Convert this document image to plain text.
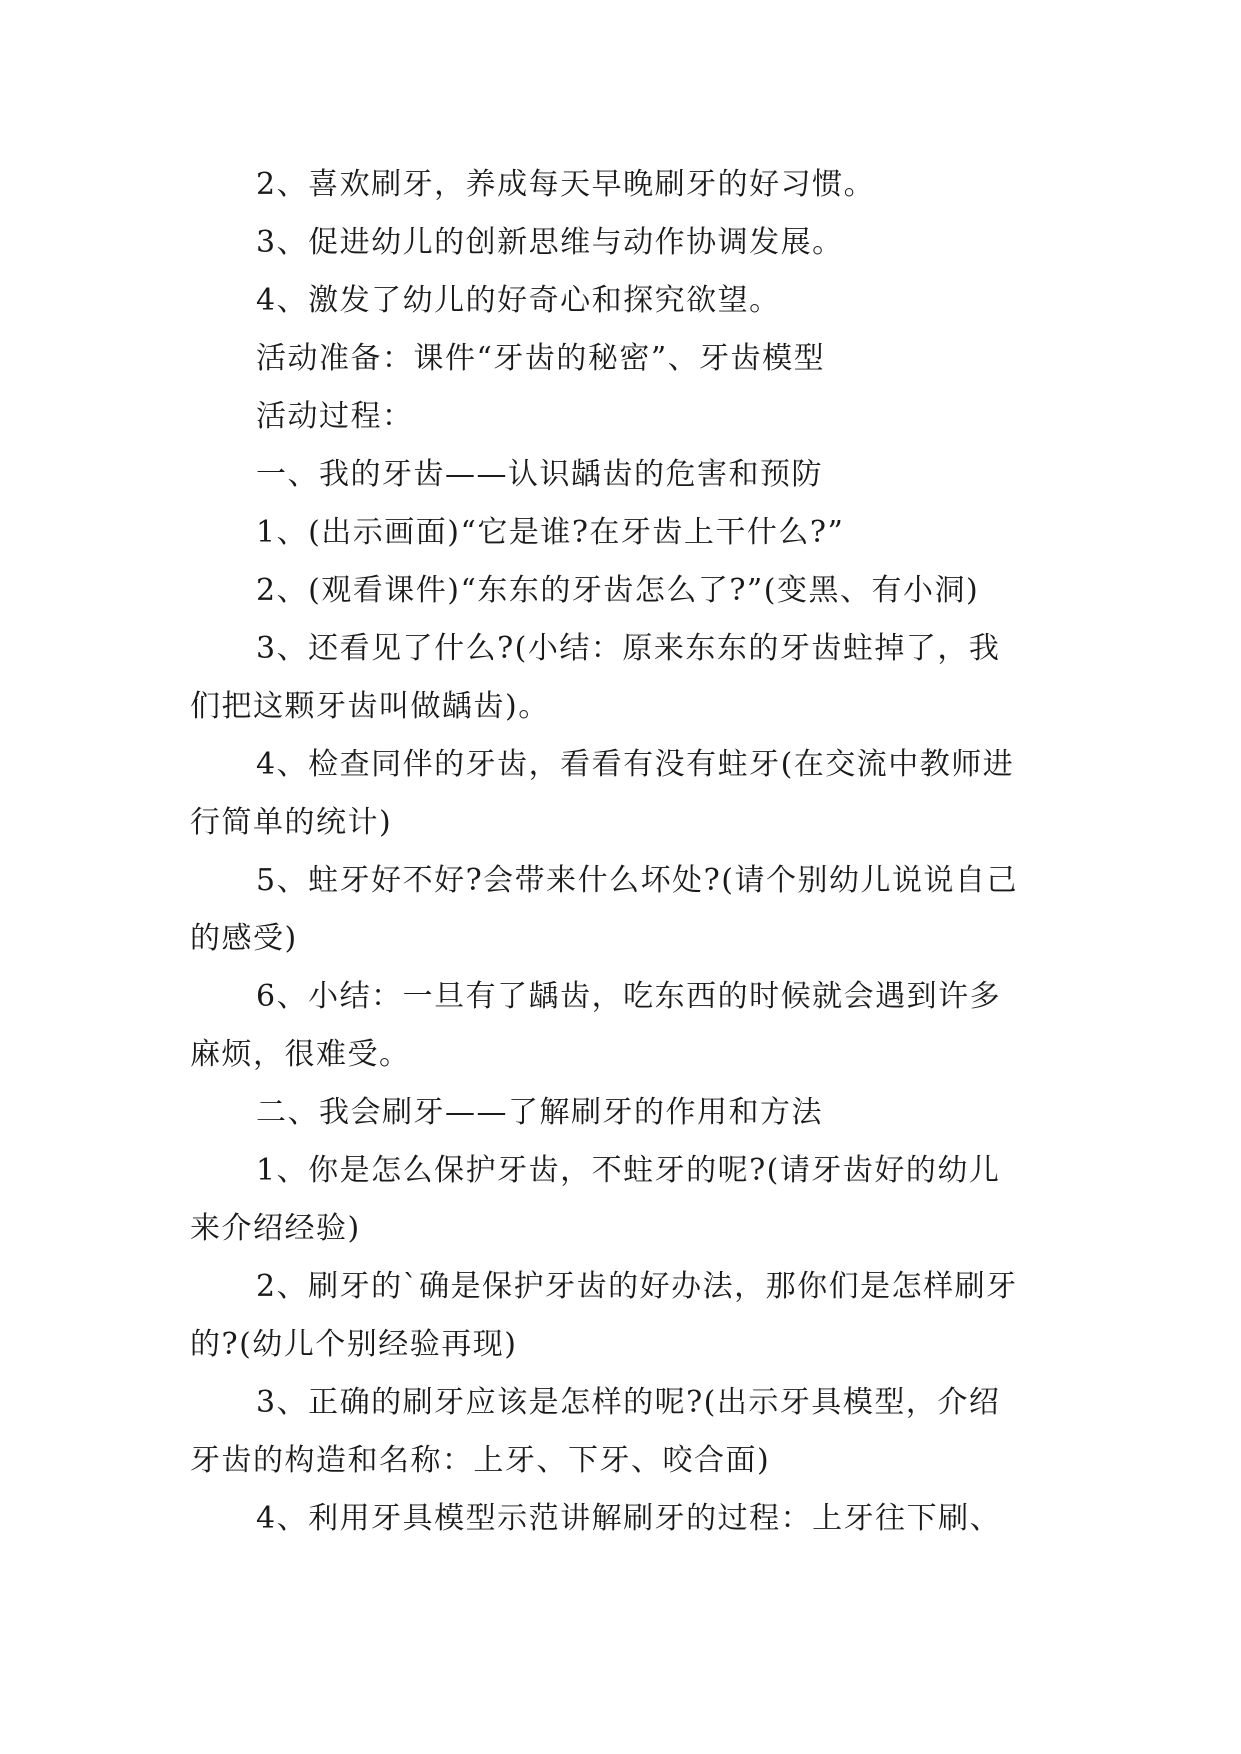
2、喜欢刷牙，养成每天早晚刷牙的好习惯。
3、促进幼儿的创新思维与动作协调发展。
4、激发了幼儿的好奇心和探究欲望。
活动准备：课件“牙齿的秘密”、牙齿模型
活动过程：
一、我的牙齿——认识龋齿的危害和预防
1、(出示画面)“它是谁?在牙齿上干什么?”
2、(观看课件)“东东的牙齿怎么了?”(变黑、有小洞)
3、还看见了什么?(小结：原来东东的牙齿蛀掉了，我
们把这颗牙齿叫做龋齿)。
4、检查同伴的牙齿，看看有没有蛀牙(在交流中教师进
行简单的统计)
5、蛀牙好不好?会带来什么坏处?(请个别幼儿说说自己
的感受)
6、小结：一旦有了龋齿，吃东西的时候就会遇到许多
麻烦，很难受。
二、我会刷牙——了解刷牙的作用和方法
1、你是怎么保护牙齿，不蛀牙的呢?(请牙齿好的幼儿
来介绍经验)
2、刷牙的`确是保护牙齿的好办法，那你们是怎样刷牙
的?(幼儿个别经验再现)
3、正确的刷牙应该是怎样的呢?(出示牙具模型，介绍
牙齿的构造和名称：上牙、下牙、咬合面)
4、利用牙具模型示范讲解刷牙的过程：上牙往下刷、
